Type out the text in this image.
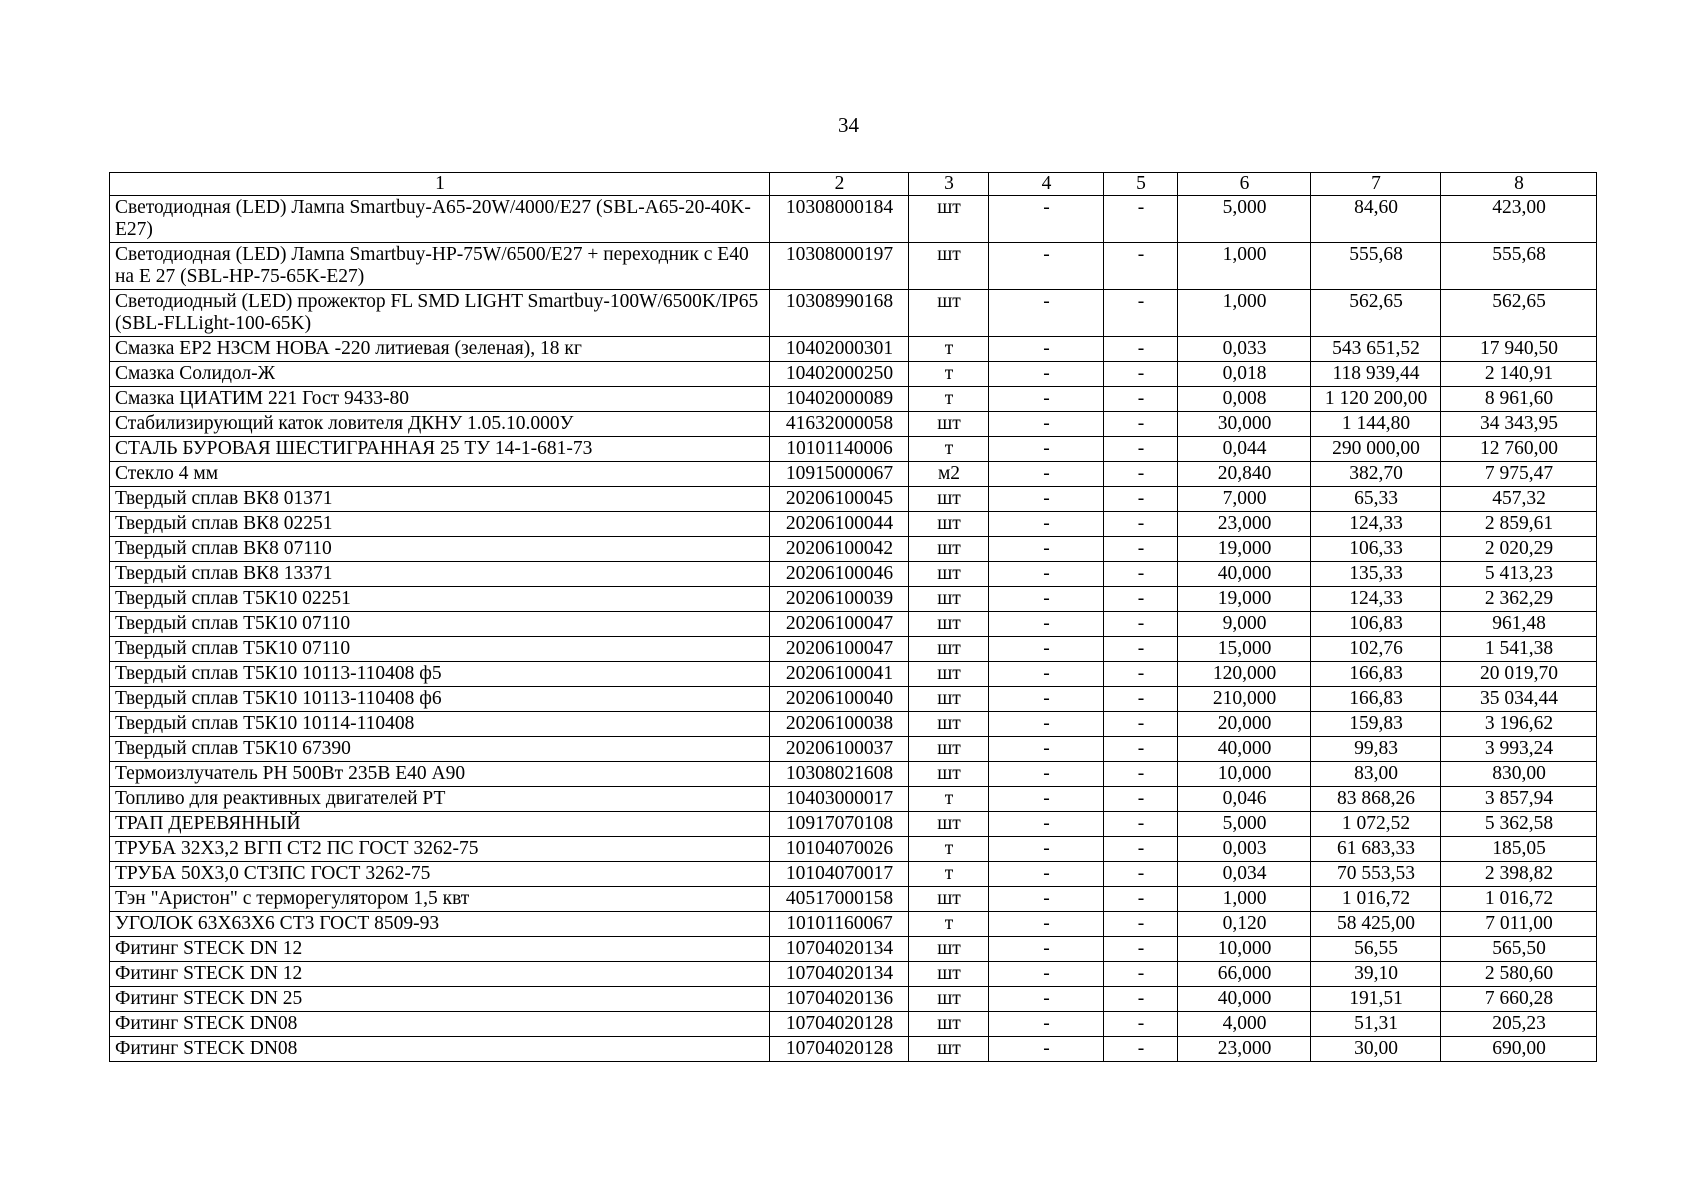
34
1	2	3	4	5	6	7	8
Светодиодная (LED) Лампа Smartbuy-A65-20W/4000/E27 (SBL-A65-20-40K-E27)	10308000184	шт	-	-	5,000	84,60	423,00
Светодиодная (LED) Лампа Smartbuy-HP-75W/6500/E27 + переходник с E40 на E 27 (SBL-HP-75-65K-E27)	10308000197	шт	-	-	1,000	555,68	555,68
Светодиодный (LED) прожектор FL SMD LIGHT Smartbuy-100W/6500K/IP65 (SBL-FLLight-100-65K)	10308990168	шт	-	-	1,000	562,65	562,65
Смазка ЕР2 НЗСМ НОВА -220 литиевая (зеленая), 18 кг	10402000301	т	-	-	0,033	543 651,52	17 940,50
Смазка Солидол-Ж	10402000250	т	-	-	0,018	118 939,44	2 140,91
Смазка ЦИАТИМ 221 Гост 9433-80	10402000089	т	-	-	0,008	1 120 200,00	8 961,60
Стабилизирующий каток ловителя ДКНУ 1.05.10.000У	41632000058	шт	-	-	30,000	1 144,80	34 343,95
СТАЛЬ БУРОВАЯ ШЕСТИГРАННАЯ 25 ТУ 14-1-681-73	10101140006	т	-	-	0,044	290 000,00	12 760,00
Стекло 4 мм	10915000067	м2	-	-	20,840	382,70	7 975,47
Твердый сплав ВК8 01371	20206100045	шт	-	-	7,000	65,33	457,32
Твердый сплав ВК8 02251	20206100044	шт	-	-	23,000	124,33	2 859,61
Твердый сплав ВК8 07110	20206100042	шт	-	-	19,000	106,33	2 020,29
Твердый сплав ВК8 13371	20206100046	шт	-	-	40,000	135,33	5 413,23
Твердый сплав Т5К10 02251	20206100039	шт	-	-	19,000	124,33	2 362,29
Твердый сплав Т5К10 07110	20206100047	шт	-	-	9,000	106,83	961,48
Твердый сплав Т5К10 07110	20206100047	шт	-	-	15,000	102,76	1 541,38
Твердый сплав Т5К10 10113-110408 ф5	20206100041	шт	-	-	120,000	166,83	20 019,70
Твердый сплав Т5К10 10113-110408 ф6	20206100040	шт	-	-	210,000	166,83	35 034,44
Твердый сплав Т5К10 10114-110408	20206100038	шт	-	-	20,000	159,83	3 196,62
Твердый сплав Т5К10 67390	20206100037	шт	-	-	40,000	99,83	3 993,24
Термоизлучатель РН 500Вт 235В Е40 А90	10308021608	шт	-	-	10,000	83,00	830,00
Топливо для реактивных двигателей РТ	10403000017	т	-	-	0,046	83 868,26	3 857,94
ТРАП ДЕРЕВЯННЫЙ	10917070108	шт	-	-	5,000	1 072,52	5 362,58
ТРУБА 32Х3,2 ВГП СТ2 ПС ГОСТ 3262-75	10104070026	т	-	-	0,003	61 683,33	185,05
ТРУБА 50Х3,0 СТ3ПС ГОСТ 3262-75	10104070017	т	-	-	0,034	70 553,53	2 398,82
Тэн "Аристон" с терморегулятором 1,5 квт	40517000158	шт	-	-	1,000	1 016,72	1 016,72
УГОЛОК 63Х63Х6 СТ3 ГОСТ 8509-93	10101160067	т	-	-	0,120	58 425,00	7 011,00
Фитинг STECK DN 12	10704020134	шт	-	-	10,000	56,55	565,50
Фитинг STECK DN 12	10704020134	шт	-	-	66,000	39,10	2 580,60
Фитинг STECK DN 25	10704020136	шт	-	-	40,000	191,51	7 660,28
Фитинг STECK DN08	10704020128	шт	-	-	4,000	51,31	205,23
Фитинг STECK DN08	10704020128	шт	-	-	23,000	30,00	690,00
